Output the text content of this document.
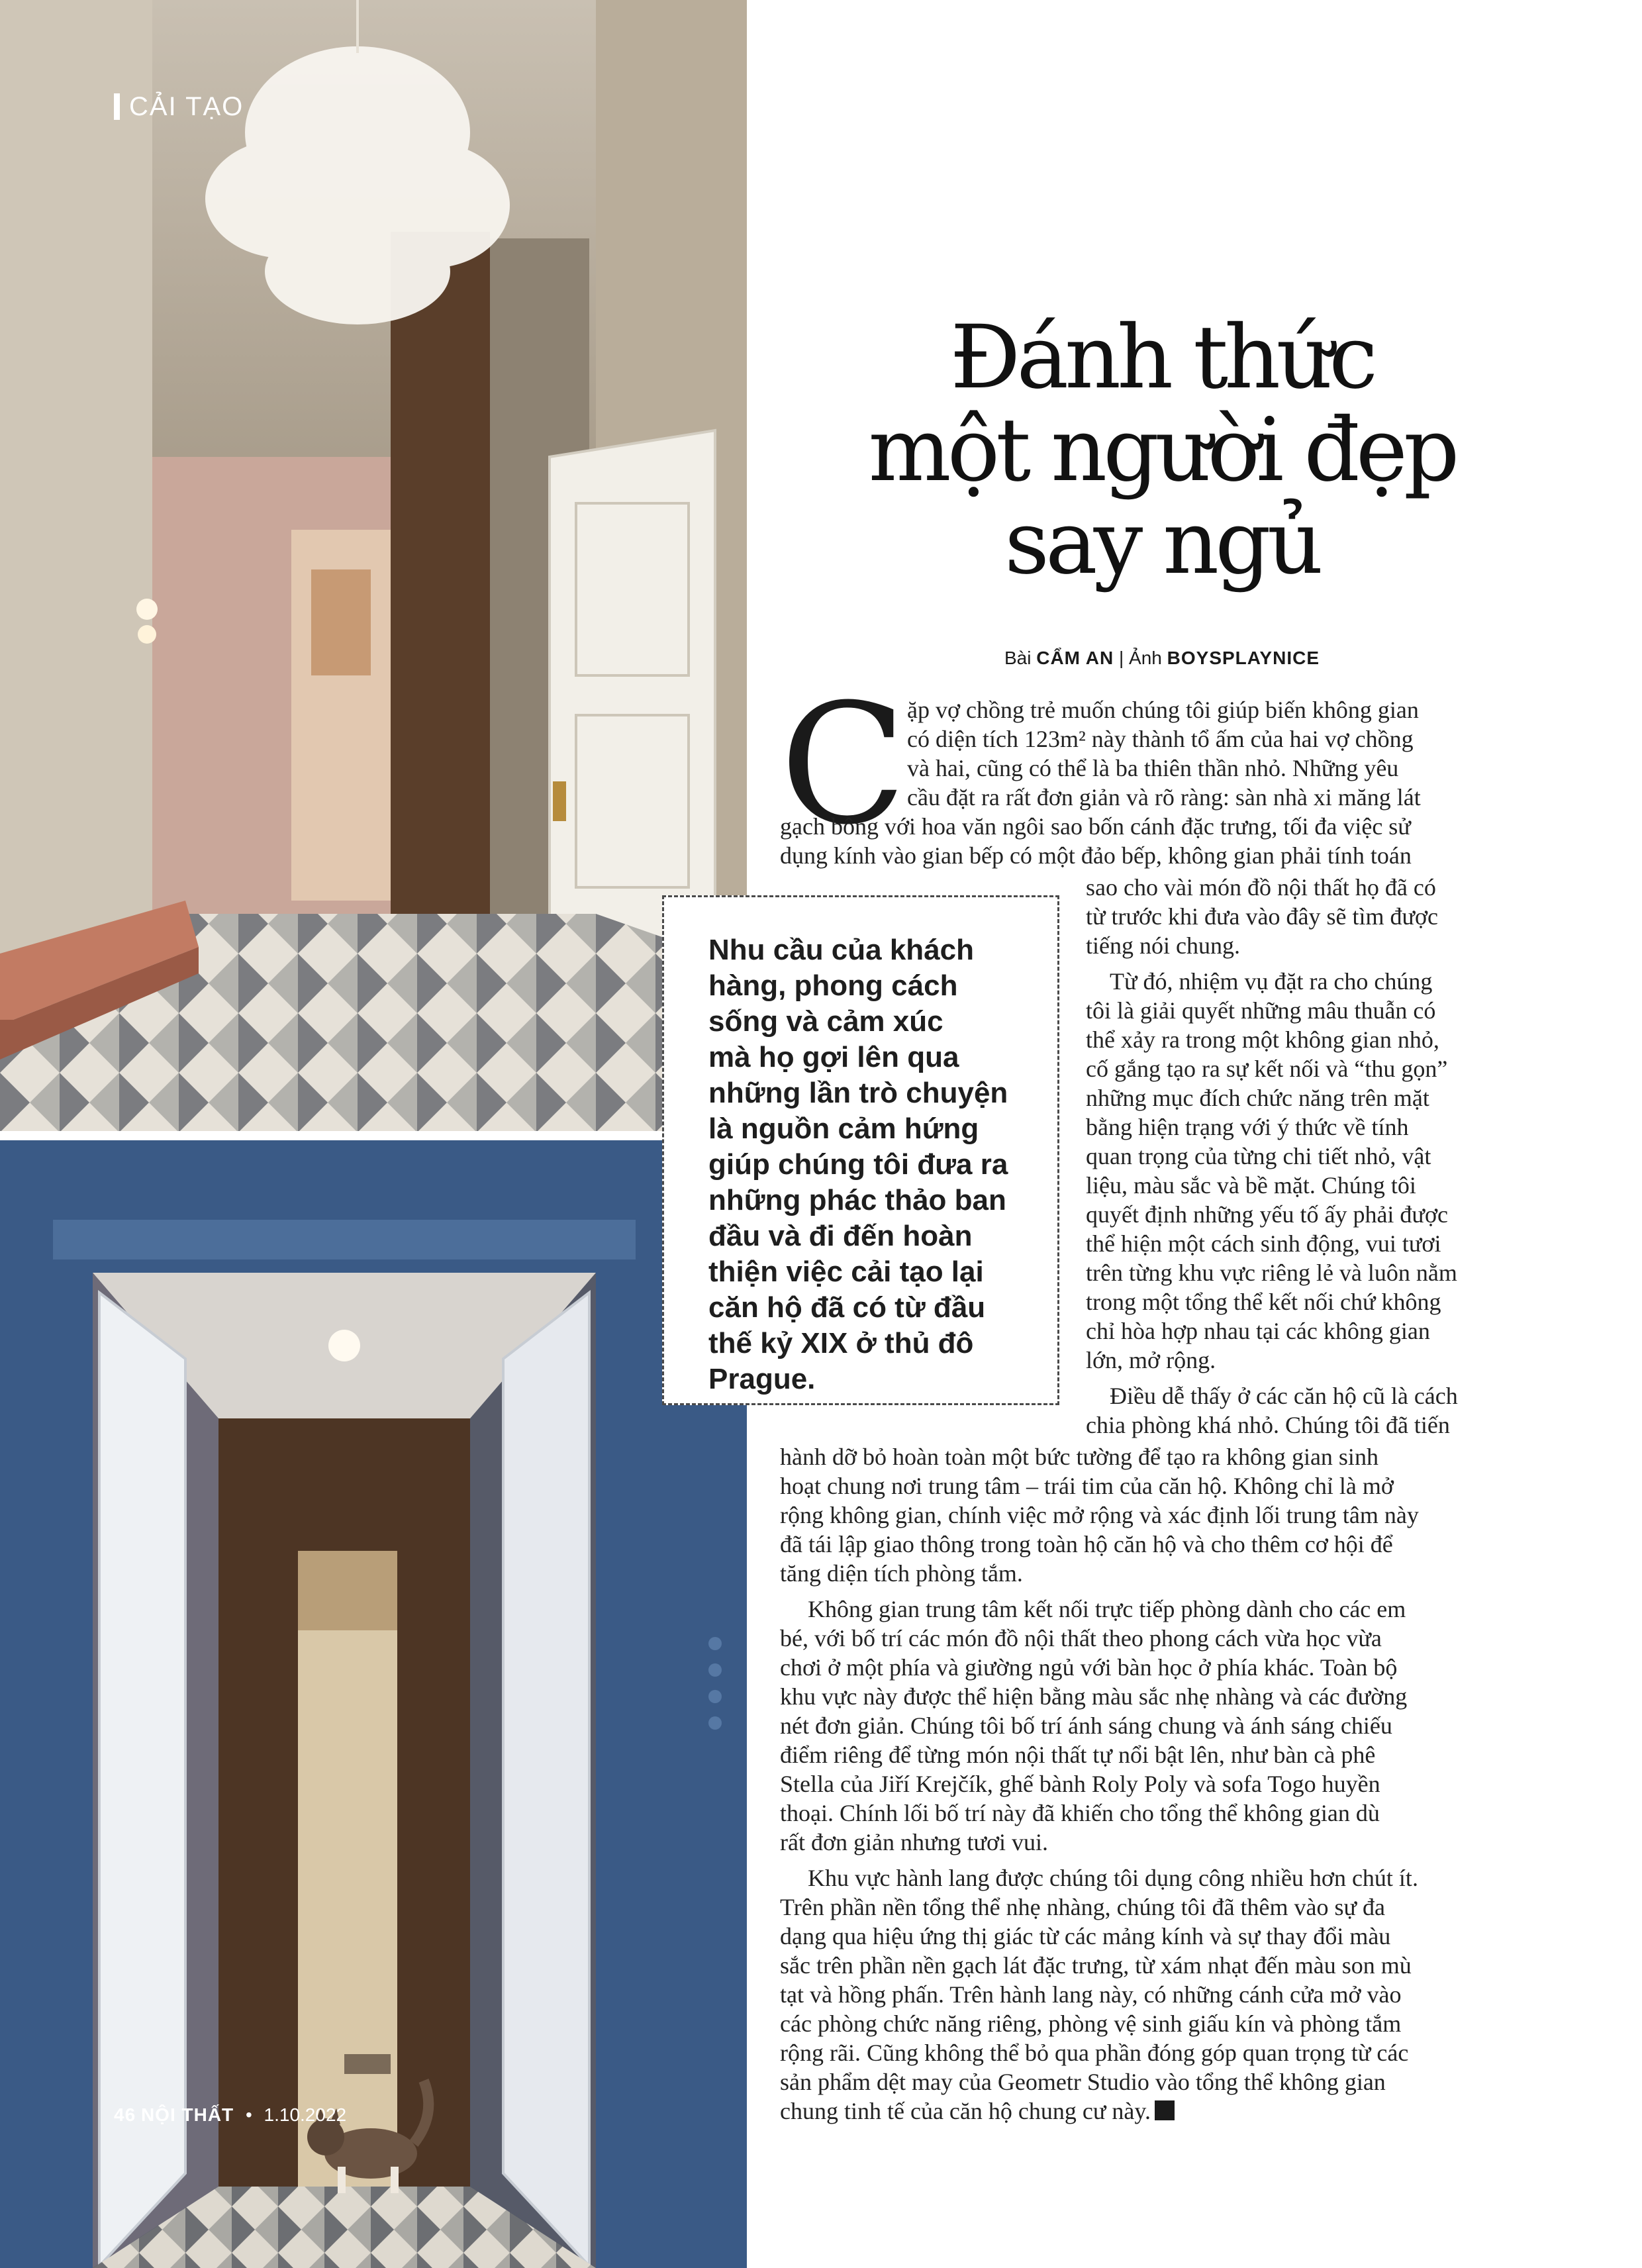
CẢI TẠO
Đánh thức
một người đẹp
say ngủ
Bài CẨM AN | Ảnh BOYSPLAYNICE
C ặp vợ chồng trẻ muốn chúng tôi giúp biến không gian
có diện tích 123m² này thành tổ ấm của hai vợ chồng
và hai, cũng có thể là ba thiên thần nhỏ. Những yêu
cầu đặt ra rất đơn giản và rõ ràng: sàn nhà xi măng lát
gạch bông với hoa văn ngôi sao bốn cánh đặc trưng, tối đa việc sử
dụng kính vào gian bếp có một đảo bếp, không gian phải tính toán
sao cho vài món đồ nội thất họ đã có
từ trước khi đưa vào đây sẽ tìm được
tiếng nói chung.
Từ đó, nhiệm vụ đặt ra cho chúng
tôi là giải quyết những mâu thuẫn có
thể xảy ra trong một không gian nhỏ,
cố gắng tạo ra sự kết nối và “thu gọn”
những mục đích chức năng trên mặt
bằng hiện trạng với ý thức về tính
quan trọng của từng chi tiết nhỏ, vật
liệu, màu sắc và bề mặt. Chúng tôi
quyết định những yếu tố ấy phải được
thể hiện một cách sinh động, vui tươi
trên từng khu vực riêng lẻ và luôn nằm
trong một tổng thể kết nối chứ không
chỉ hòa hợp nhau tại các không gian
lớn, mở rộng.
Điều dễ thấy ở các căn hộ cũ là cách
chia phòng khá nhỏ. Chúng tôi đã tiến
hành dỡ bỏ hoàn toàn một bức tường để tạo ra không gian sinh
hoạt chung nơi trung tâm – trái tim của căn hộ. Không chỉ là mở
rộng không gian, chính việc mở rộng và xác định lối trung tâm này
đã tái lập giao thông trong toàn hộ căn hộ và cho thêm cơ hội để
tăng diện tích phòng tắm.
Không gian trung tâm kết nối trực tiếp phòng dành cho các em
bé, với bố trí các món đồ nội thất theo phong cách vừa học vừa
chơi ở một phía và giường ngủ với bàn học ở phía khác. Toàn bộ
khu vực này được thể hiện bằng màu sắc nhẹ nhàng và các đường
nét đơn giản. Chúng tôi bố trí ánh sáng chung và ánh sáng chiếu
điểm riêng để từng món nội thất tự nổi bật lên, như bàn cà phê
Stella của Jiří Krejčík, ghế bành Roly Poly và sofa Togo huyền
thoại. Chính lối bố trí này đã khiến cho tổng thể không gian dù
rất đơn giản nhưng tươi vui.
Khu vực hành lang được chúng tôi dụng công nhiều hơn chút ít.
Trên phần nền tổng thể nhẹ nhàng, chúng tôi đã thêm vào sự đa
dạng qua hiệu ứng thị giác từ các mảng kính và sự thay đổi màu
sắc trên phần nền gạch lát đặc trưng, từ xám nhạt đến màu son mù
tạt và hồng phấn. Trên hành lang này, có những cánh cửa mở vào
các phòng chức năng riêng, phòng vệ sinh giấu kín và phòng tắm
rộng rãi. Cũng không thể bỏ qua phần đóng góp quan trọng từ các
sản phẩm dệt may của Geometr Studio vào tổng thể không gian
chung tinh tế của căn hộ chung cư này.
Nhu cầu của khách
hàng, phong cách
sống và cảm xúc
mà họ gợi lên qua
những lần trò chuyện
là nguồn cảm hứng
giúp chúng tôi đưa ra
những phác thảo ban
đầu và đi đến hoàn
thiện việc cải tạo lại
căn hộ đã có từ đầu
thế kỷ XIX ở thủ đô
Prague.
46 NỘI THẤT • 1.10.2022
